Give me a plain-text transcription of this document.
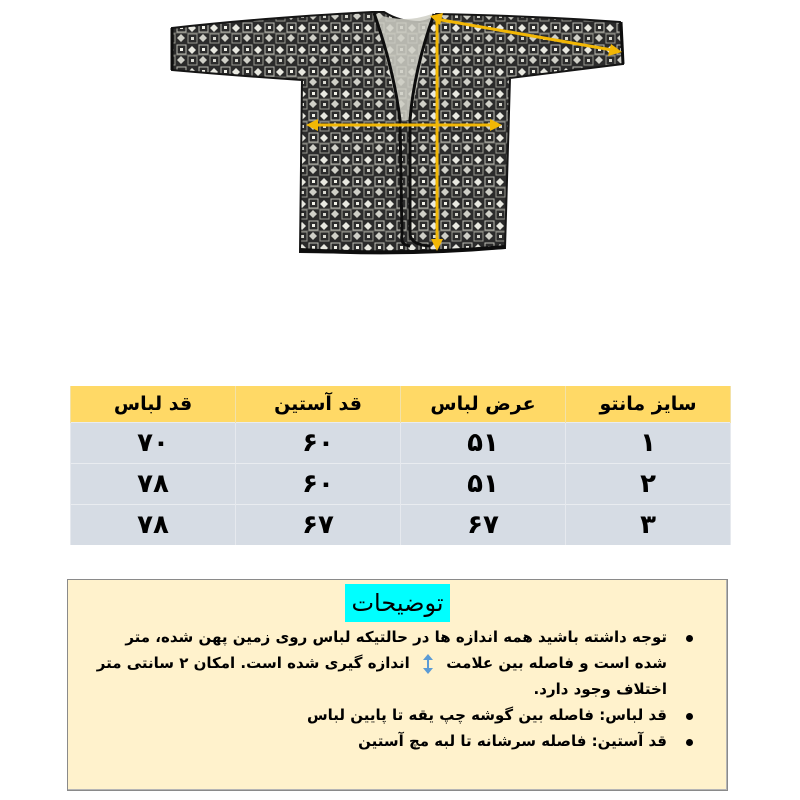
سایز مانتو	عرض لباس	قد آستین	قد لباس
۱	۵۱	۶۰	۷۰
۲	۵۱	۶۰	۷۸
۳	۶۷	۶۷	۷۸
توضیحات
توجه داشته باشید همه اندازه ها در حالتیکه لباس روی زمین پهن شده، متر شده است و فاصله بین علامت  اندازه گیری شده است. امکان ۲ سانتی متر اختلاف وجود دارد.
قد لباس: فاصله بین گوشه چپ یقه تا پایین لباس
قد آستین: فاصله سرشانه تا لبه مچ آستین
